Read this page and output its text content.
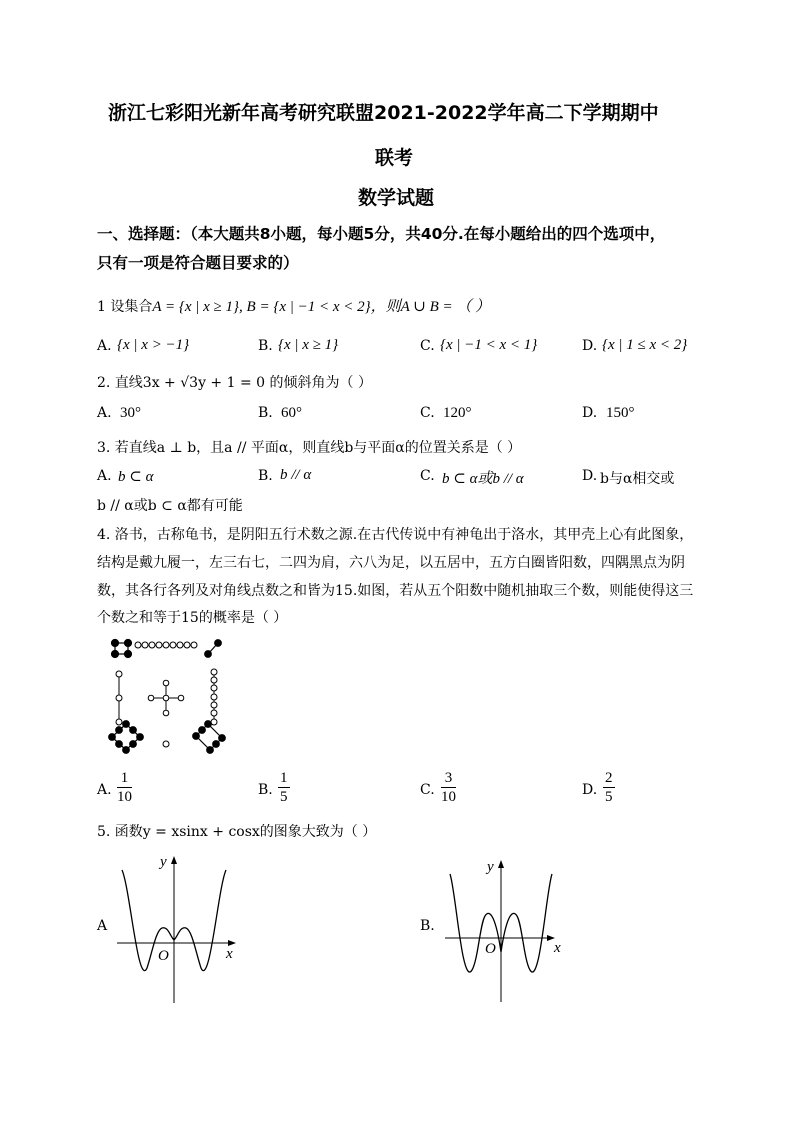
浙江七彩阳光新年高考研究联盟2021-2022学年高二下学期期中
联考
数学试题
一、选择题：（本大题共8小题，每小题5分，共40分.在每小题给出的四个选项中，
只有一项是符合题目要求的）
1 设集合A = {x | x ≥ 1}, B = {x | −1 < x < 2}，则A ∪ B = （ ）
A. {x | x > −1}	B. {x | x ≥ 1}	C. {x | −1 < x < 1}	D. {x | 1 ≤ x < 2}
2. 直线3x + √3y + 1 = 0 的倾斜角为（ ）
A. 30°	B. 60°	C. 120°	D. 150°
3. 若直线a ⊥ b，且a // 平面α，则直线b与平面α的位置关系是（ ）
A. b ⊂ α	B. b // α	C. b ⊂ α或b // α	D. b与α相交或
b // α或b ⊂ α都有可能
4. 洛书，古称龟书，是阴阳五行术数之源.在古代传说中有神龟出于洛水，其甲壳上心有此图象，
结构是戴九履一，左三右七，二四为肩，六八为足，以五居中，五方白圈皆阳数，四隅黑点为阴
数，其各行各列及对角线点数之和皆为15.如图，若从五个阳数中随机抽取三个数，则能使得这三
个数之和等于15的概率是（ ）
A. $\frac{1}{10}$	B. $\frac{1}{5}$	C. $\frac{3}{10}$	D. $\frac{2}{5}$
5. 函数y = xsinx + cosx的图象大致为（ ）
A
y
x
O
B.
y
x
O
